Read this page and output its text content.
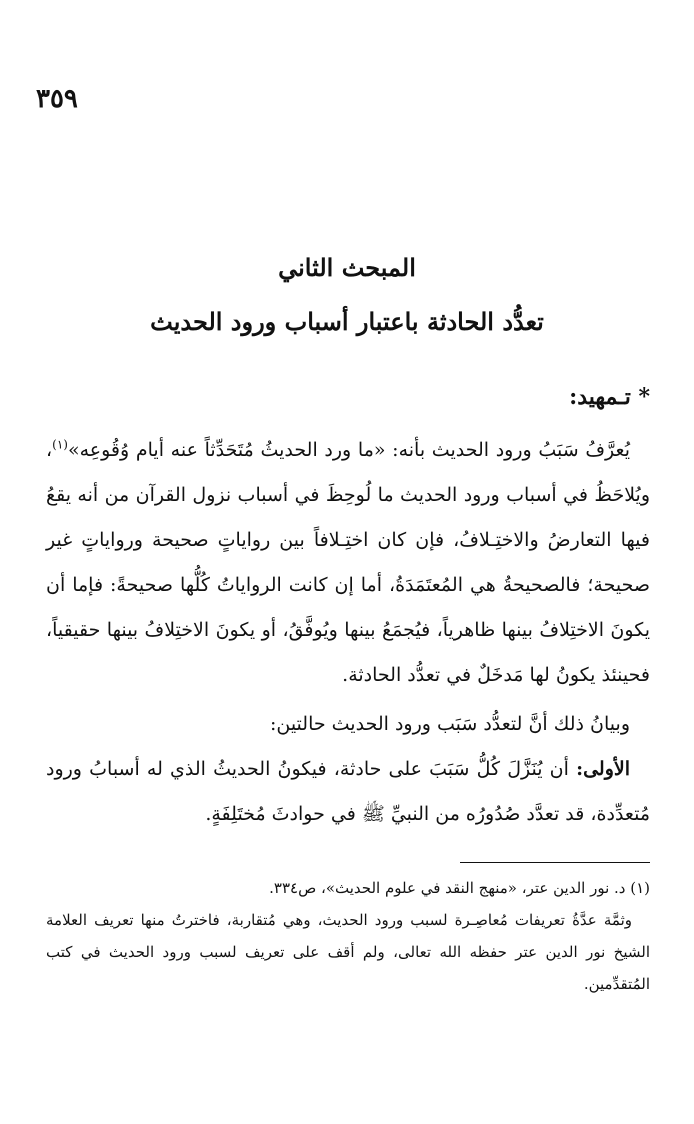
٣٥٩
المبحث الثاني
تعدُّد الحادثة باعتبار أسباب ورود الحديث
* تـمهيد:

يُعرَّفُ سَبَبُ ورود الحديث بأنه: «ما ورد الحديثُ مُتَحَدِّثاً عنه أيام وُقُوعِه»$^{(١)}$، ويُلاحَظُ في أسباب ورود الحديث ما لُوحِظَ في أسباب نزول القرآن من أنه يقعُ فيها التعارضُ والاختِـلافُ، فإن كان اختِـلافاً بين رواياتٍ صحيحة ورواياتٍ غير صحيحة؛ فالصحيحةُ هي المُعتَمَدَةُ، أما إن كانت الرواياتُ كُلُّها صحيحةً: فإما أن يكونَ الاختِلافُ بينها ظاهرياً، فيُجمَعُ بينها ويُوفَّقُ، أو يكونَ الاختِلافُ بينها حقيقياً، فحينئذ يكونُ لها مَدخَلٌ في تعدُّد الحادثة.

وبيانُ ذلك أنَّ لتعدُّد سَبَب ورود الحديث حالتين:

الأولى: أن يُنَزَّلَ كُلُّ سَبَبَ على حادثة، فيكونُ الحديثُ الذي له أسبابُ ورود مُتعدِّدة، قد تعدَّد صُدُورُه من النبيِّ ﷺ في حوادثَ مُختَلِفَةٍ.

(١) د. نور الدين عتر، «منهج النقد في علوم الحديث»، ص٣٣٤.

وثمَّة عدَّةُ تعريفات مُعاصِـرة لسبب ورود الحديث، وهي مُتقاربة، فاخترتُ منها تعريف العلامة الشيخ نور الدين عتر حفظه الله تعالى، ولم أقف على تعريف لسبب ورود الحديث في كتب المُتقدِّمين.
